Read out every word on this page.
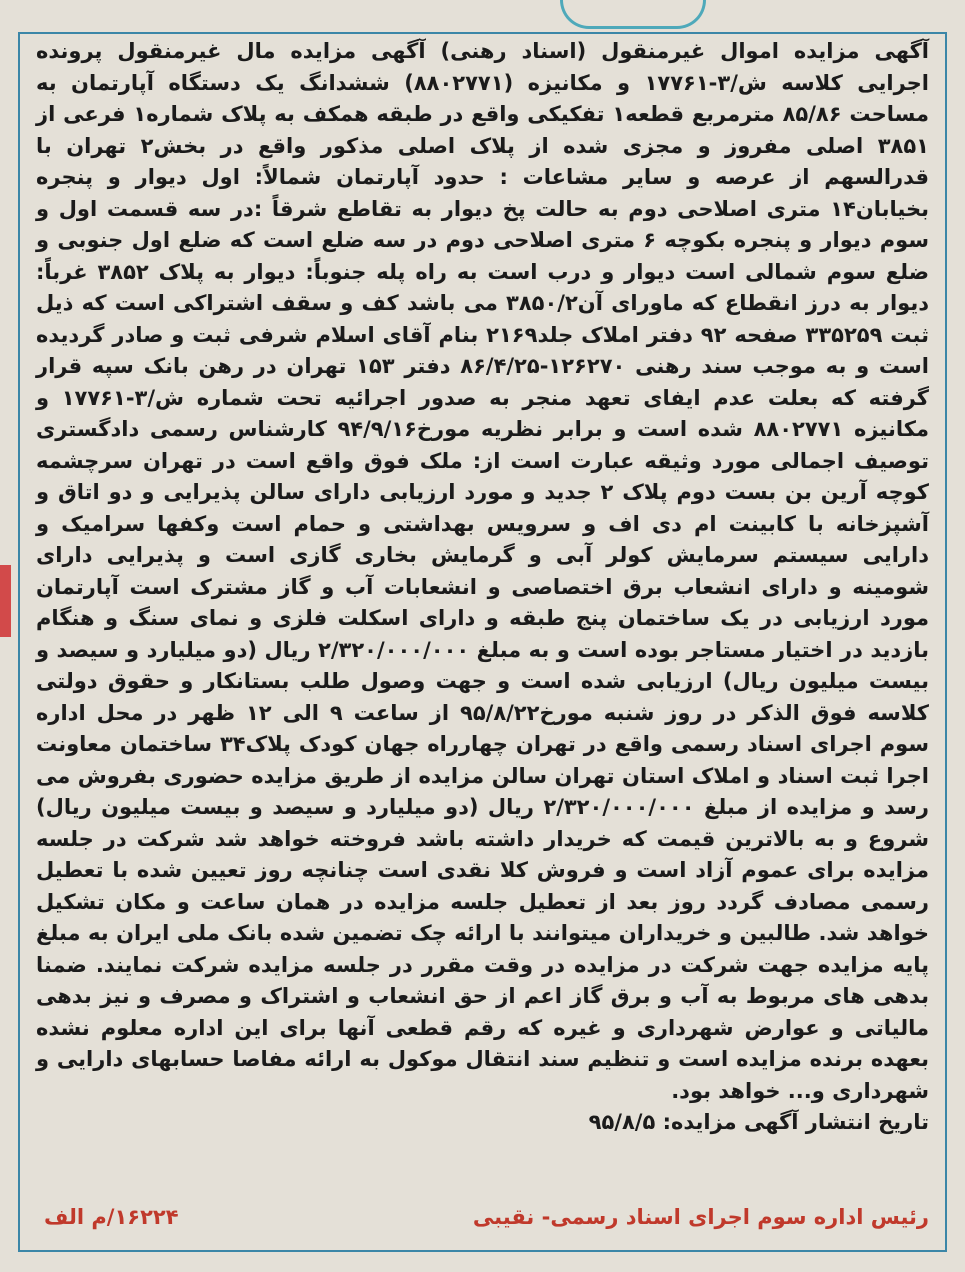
آگهی مزایده اموال غیرمنقول (اسناد رهنی) آگهی مزایده مال غیرمنقول پرونده اجرایی کلاسه ش/۳-۱۷۷۶۱ و مکانیزه (۸۸۰۲۷۷۱) ششدانگ یک دستگاه آپارتمان به مساحت ۸۵/۸۶ مترمربع قطعه۱ تفکیکی واقع در طبقه همکف به پلاک شماره۱ فرعی از ۳۸۵۱ اصلی مفروز و مجزی شده از پلاک اصلی مذکور واقع در بخش۲ تهران با قدرالسهم از عرصه و سایر مشاعات : حدود آپارتمان شمالاً: اول دیوار و پنجره بخیابان۱۴ متری اصلاحی دوم به حالت پخ دیوار به تقاطع شرقاً :در سه قسمت اول و سوم دیوار و پنجره بکوچه ۶ متری اصلاحی دوم در سه ضلع است که ضلع اول جنوبی و ضلع سوم شمالی است دیوار و درب است به راه پله جنوباً: دیوار به پلاک ۳۸۵۲ غرباً: دیوار به درز انقطاع که ماورای آن۳۸۵۰/۲ می باشد کف و سقف اشتراکی است که ذیل ثبت ۳۳۵۲۵۹ صفحه ۹۲ دفتر املاک جلد۲۱۶۹ بنام آقای اسلام شرفی ثبت و صادر گردیده است و به موجب سند رهنی ۱۲۶۲۷۰-۸۶/۴/۲۵ دفتر ۱۵۳ تهران در رهن بانک سپه قرار گرفته که بعلت عدم ایفای تعهد منجر به صدور اجرائیه تحت شماره ش/۳-۱۷۷۶۱ و مکانیزه ۸۸۰۲۷۷۱ شده است و برابر نظریه مورخ۹۴/۹/۱۶ کارشناس رسمی دادگستری توصیف اجمالی مورد وثیقه عبارت است از: ملک فوق واقع است در تهران سرچشمه کوچه آرین بن بست دوم پلاک ۲ جدید و مورد ارزیابی دارای سالن پذیرایی و دو اتاق و آشپزخانه با کابینت ام دی اف و سرویس بهداشتی و حمام است وکفها سرامیک و دارایی سیستم سرمایش کولر آبی و گرمایش بخاری گازی است و پذیرایی دارای شومینه و دارای انشعاب برق اختصاصی و انشعابات آب و گاز مشترک است آپارتمان مورد ارزیابی در یک ساختمان پنج طبقه و دارای اسکلت فلزی و نمای سنگ و هنگام بازدید در اختیار مستاجر بوده است و به مبلغ ۲/۳۲۰/۰۰۰/۰۰۰ ریال (دو میلیارد و سیصد و بیست میلیون ریال) ارزیابی شده است و جهت وصول طلب بستانکار و حقوق دولتی کلاسه فوق الذکر در روز شنبه مورخ۹۵/۸/۲۲ از ساعت ۹ الی ۱۲ ظهر در محل اداره سوم اجرای اسناد رسمی واقع در تهران چهارراه جهان کودک پلاک۳۴ ساختمان معاونت اجرا ثبت اسناد و املاک استان تهران سالن مزایده از طریق مزایده حضوری بفروش می رسد و مزایده از مبلغ ۲/۳۲۰/۰۰۰/۰۰۰ ریال (دو میلیارد و سیصد و بیست میلیون ریال) شروع و به بالاترین قیمت که خریدار داشته باشد فروخته خواهد شد شرکت در جلسه مزایده برای عموم آزاد است و فروش کلا نقدی است چنانچه روز تعیین شده با تعطیل رسمی مصادف گردد روز بعد از تعطیل جلسه مزایده در همان ساعت و مکان تشکیل خواهد شد. طالبین و خریداران میتوانند با ارائه چک تضمین شده بانک ملی ایران به مبلغ پایه مزایده جهت شرکت در مزایده در وقت مقرر در جلسه مزایده شرکت نمایند. ضمنا بدهی های مربوط به آب و برق گاز اعم از حق انشعاب و اشتراک و مصرف و نیز بدهی مالیاتی و عوارض شهرداری و غیره که رقم قطعی آنها برای این اداره معلوم نشده بعهده برنده مزایده است و تنظیم سند انتقال موکول به ارائه مفاصا حسابهای دارایی و شهرداری و... خواهد بود.

تاریخ انتشار آگهی مزایده: ۹۵/۸/۵

رئیس اداره سوم اجرای اسناد رسمی- نقیبی
۱۶۲۲۴/م الف
